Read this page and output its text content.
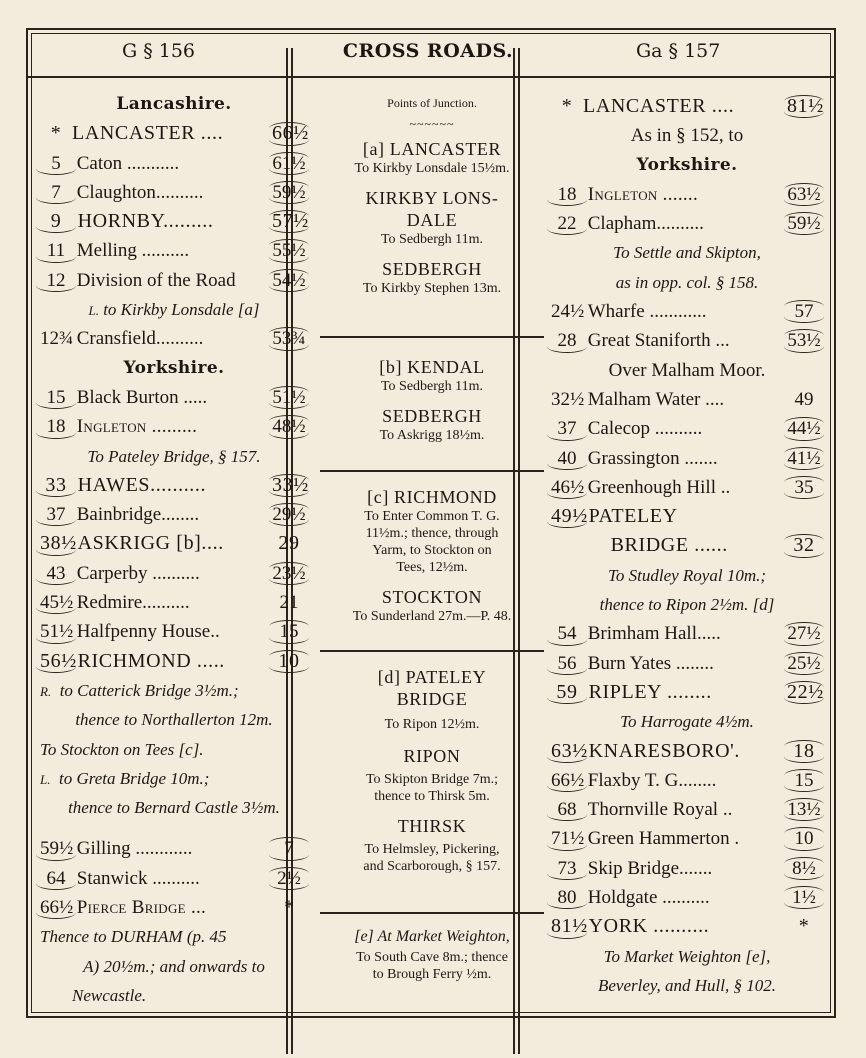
G § 156	CROSS ROADS.	Ga § 157
Lancashire.
* LANCASTER .... 66½
5 Caton ...........	61½
7 Claughton..........	59½
9 HORNBY.........	57½
11 Melling ..........	55½
12 Division of the Road 54½
L. to Kirkby Lonsdale [a]
12¾ Cransfield..........	53¾
Yorkshire.
15 Black Burton .....	51½
18 Ingleton .........	48½
To Pateley Bridge, § 157.
33 HAWES..........	33½
37 Bainbridge........	29½
38½ ASKRIGG [b]....	29
43 Carperby ..........	23½
45½ Redmire..........	21
51½ Halfpenny House..	15
56½ RICHMOND .....	10
R. to Catterick Bridge 3½m.;
thence to Northallerton 12m.
To Stockton on Tees [c].
L. to Greta Bridge 10m.;
thence to Bernard Castle 3½m.
59½ Gilling ............	7
64 Stanwick ..........	2½
66½ Pierce Bridge ...	*
Thence to DURHAM (p. 45
A) 20½m.; and onwards to
Newcastle.
Points of Junction.
~~~~~~
[a] LANCASTER
To Kirkby Lonsdale 15½m.
KIRKBY LONS-
DALE
To Sedbergh 11m.
SEDBERGH
To Kirkby Stephen 13m.
[b] KENDAL
To Sedbergh 11m.
SEDBERGH
To Askrigg 18½m.
[c] RICHMOND
To Enter Common T. G.
11½m.; thence, through
Yarm, to Stockton on
Tees, 12½m.
STOCKTON
To Sunderland 27m.—P. 48.
[d] PATELEY
BRIDGE
To Ripon 12½m.
RIPON
To Skipton Bridge 7m.;
thence to Thirsk 5m.
THIRSK
To Helmsley, Pickering,
and Scarborough, § 157.
[e] At Market Weighton,
To South Cave 8m.; thence
to Brough Ferry ½m.
* LANCASTER ....	81½
As in § 152, to
Yorkshire.
18 Ingleton .......	63½
22 Clapham..........	59½
To Settle and Skipton,
as in opp. col. § 158.
24½ Wharfe ............	57
28 Great Staniforth ...	53½
Over Malham Moor.
32½ Malham Water ....	49
37 Calecop ..........	44½
40 Grassington .......	41½
46½ Greenhough Hill ..	35
49½ PATELEY
BRIDGE ......	32
To Studley Royal 10m.;
thence to Ripon 2½m. [d]
54 Brimham Hall.....	27½
56 Burn Yates ........	25½
59 RIPLEY ........	22½
To Harrogate 4½m.
63½ KNARESBORO'.	18
66½ Flaxby T. G........	15
68 Thornville Royal ..	13½
71½ Green Hammerton .	10
73 Skip Bridge.......	8½
80 Holdgate ..........	1½
81½ YORK ..........	*
To Market Weighton [e],
Beverley, and Hull, § 102.
